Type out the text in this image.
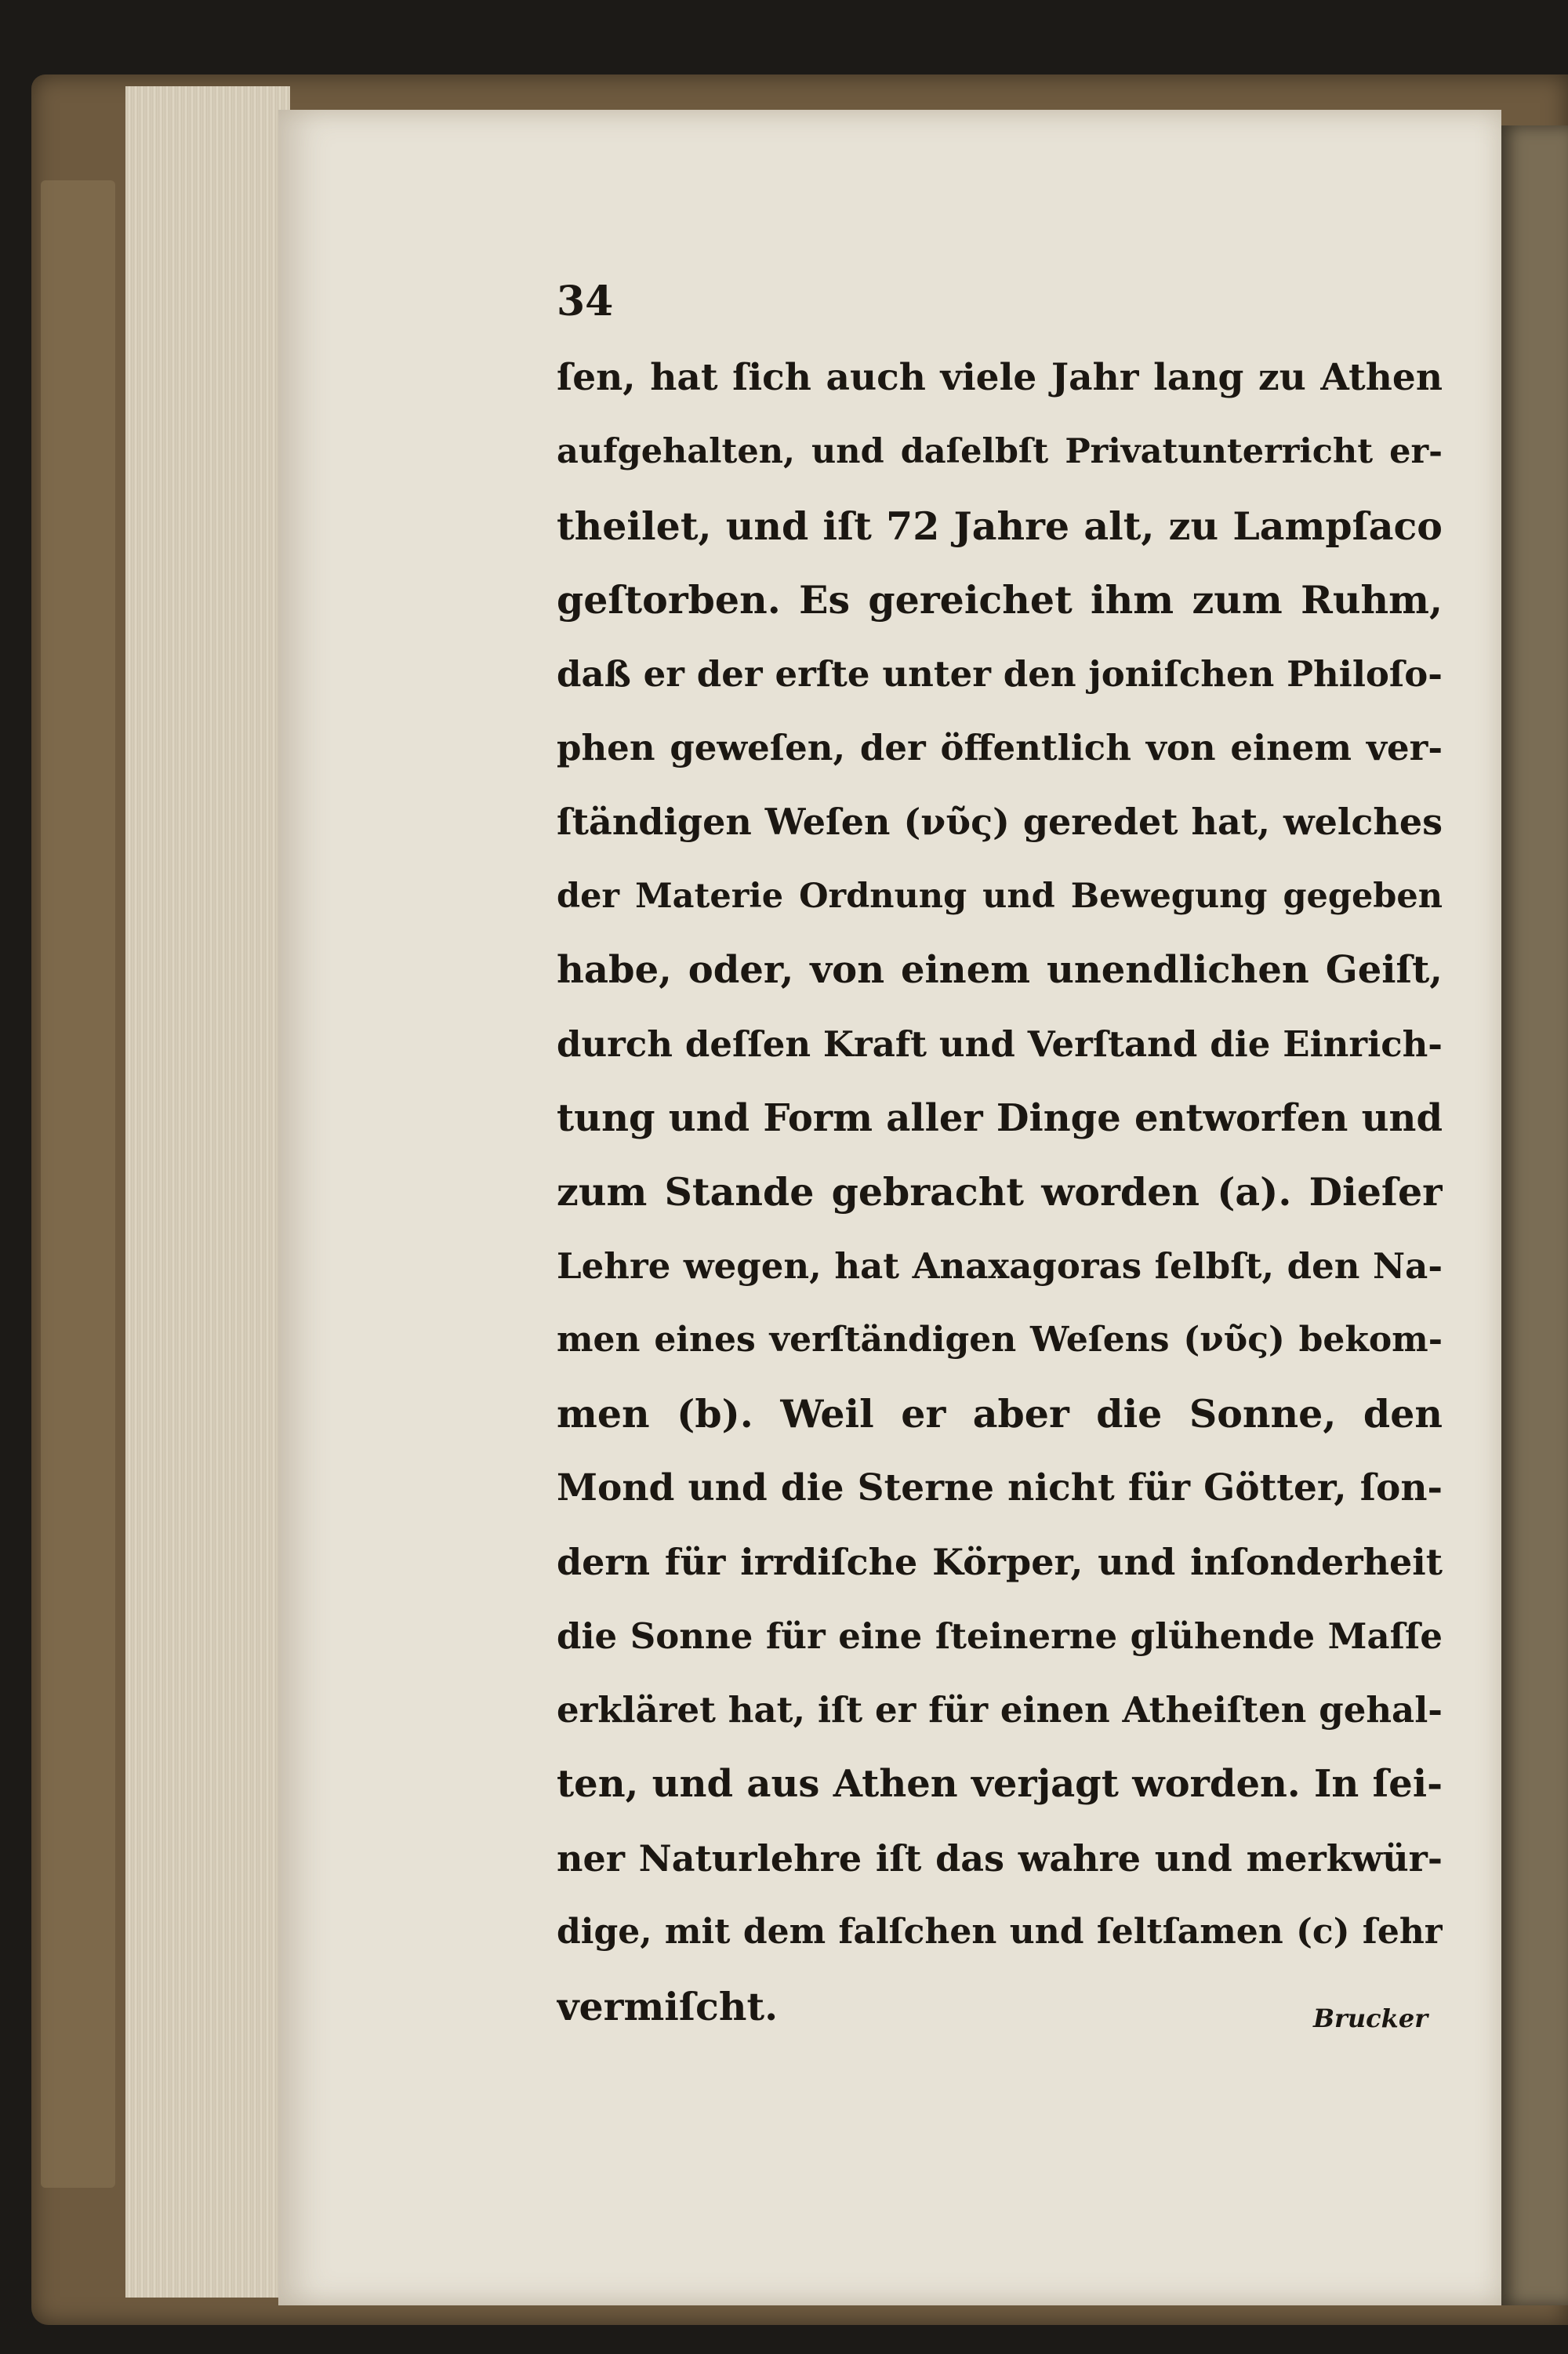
34
ſen, hat ſich auch viele Jahr lang zu Athen
aufgehalten, und daſelbſt Privatunterricht er-
theilet, und iſt 72 Jahre alt, zu Lampſaco
geſtorben. Es gereichet ihm zum Ruhm,
daß er der erſte unter den joniſchen Philoſo-
phen geweſen, der öffentlich von einem ver-
ſtändigen Weſen (νῦς) geredet hat, welches
der Materie Ordnung und Bewegung gegeben
habe, oder, von einem unendlichen Geiſt,
durch deſſen Kraft und Verſtand die Einrich-
tung und Form aller Dinge entworfen und
zum Stande gebracht worden (a). Dieſer
Lehre wegen, hat Anaxagoras ſelbſt, den Na-
men eines verſtändigen Weſens (νῦς) bekom-
men (b). Weil er aber die Sonne, den
Mond und die Sterne nicht für Götter, ſon-
dern für irrdiſche Körper, und inſonderheit
die Sonne für eine ſteinerne glühende Maſſe
erkläret hat, iſt er für einen Atheiſten gehal-
ten, und aus Athen verjagt worden. In ſei-
ner Naturlehre iſt das wahre und merkwür-
dige, mit dem falſchen und ſeltſamen (c) ſehr
vermiſcht.	Brucker
